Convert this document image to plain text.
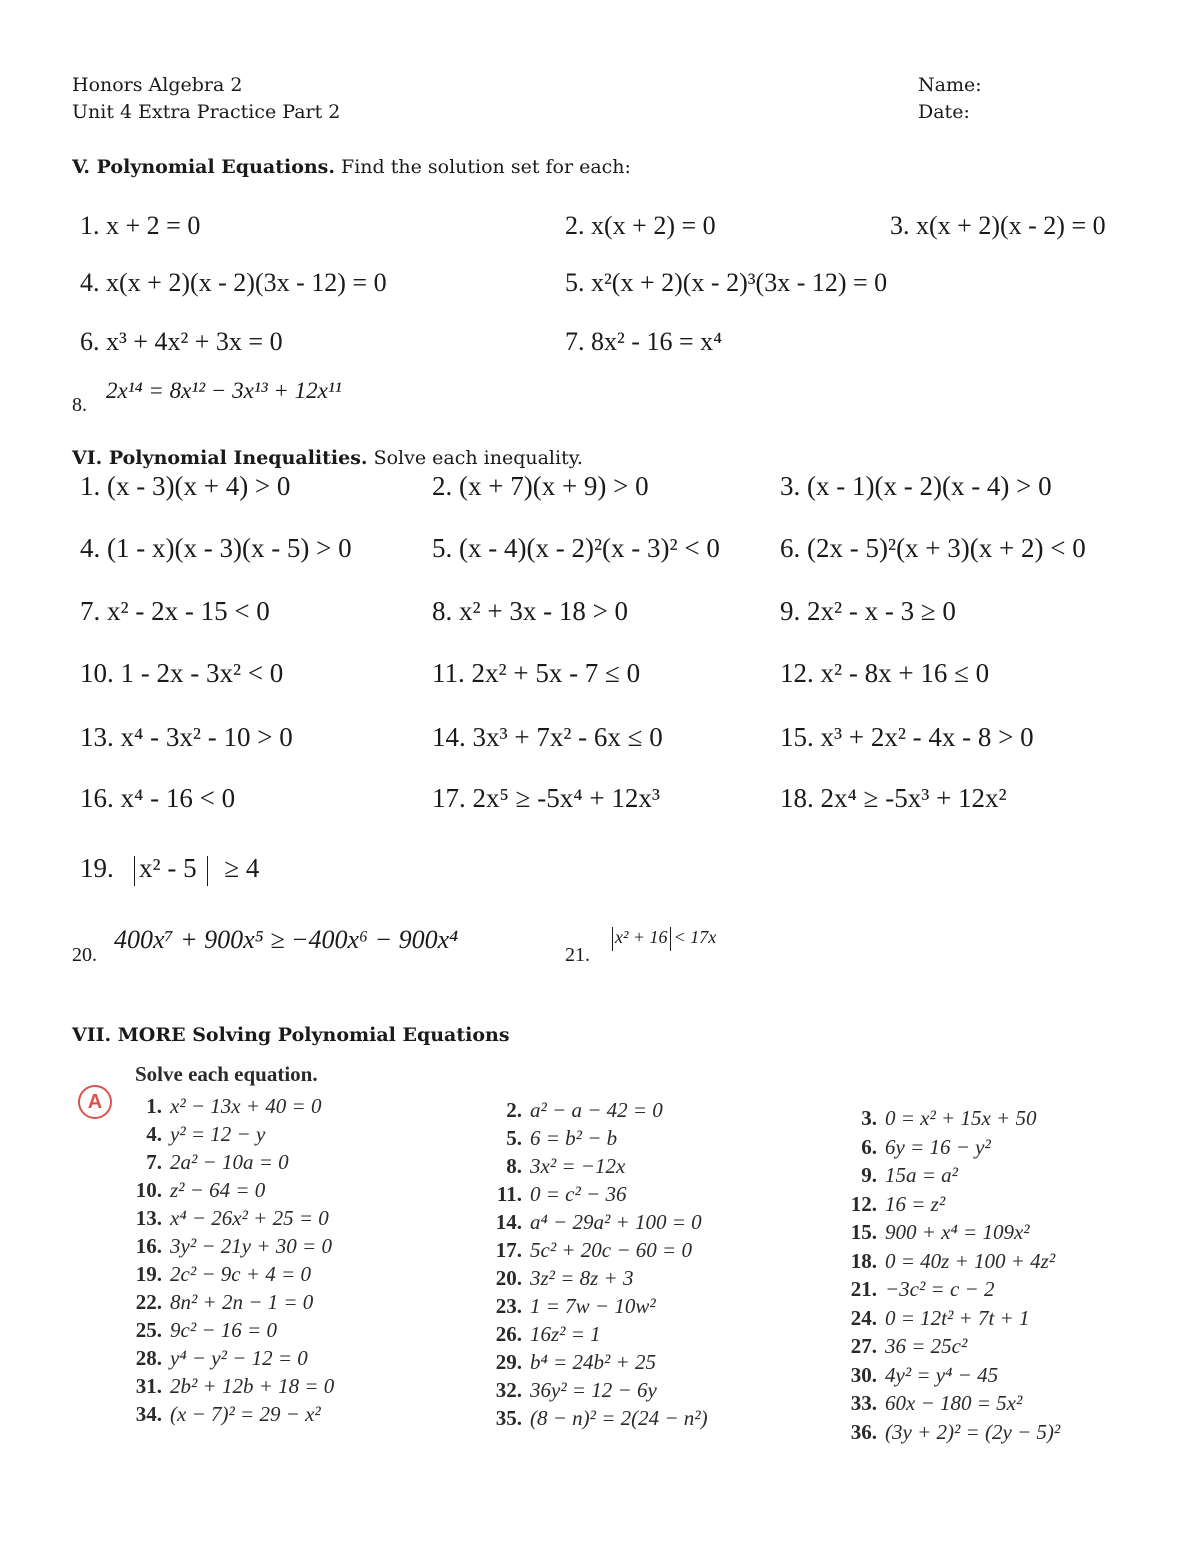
Honors Algebra 2
Unit 4 Extra Practice Part 2
Name:
Date:
V. Polynomial Equations. Find the solution set for each:
1. x + 2 = 0	2. x(x + 2) = 0	3. x(x + 2)(x - 2) = 0
4. x(x + 2)(x - 2)(3x - 12) = 0	5. x²(x + 2)(x - 2)³(3x - 12) = 0
6. x³ + 4x² + 3x = 0	7. 8x² - 16 = x⁴
8.
2x¹⁴ = 8x¹² − 3x¹³ + 12x¹¹
VI. Polynomial Inequalities. Solve each inequality.
1. (x - 3)(x + 4) > 0	2. (x + 7)(x + 9) > 0	3. (x - 1)(x - 2)(x - 4) > 0
4. (1 - x)(x - 3)(x - 5) > 0	5. (x - 4)(x - 2)²(x - 3)² < 0 6. (2x - 5)²(x + 3)(x + 2) < 0
7. x² - 2x - 15 < 0	8. x² + 3x - 18 > 0	9. 2x² - x - 3 ≥ 0
10. 1 - 2x - 3x² < 0	11. 2x² + 5x - 7 ≤ 0	12. x² - 8x + 16 ≤ 0
13. x⁴ - 3x² - 10 > 0	14. 3x³ + 7x² - 6x ≤ 0	15. x³ + 2x² - 4x - 8 > 0
16. x⁴ - 16 < 0	17. 2x⁵ ≥ -5x⁴ + 12x³	18. 2x⁴ ≥ -5x³ + 12x²
19. x² - 5 ≥ 4
20.
400x⁷ + 900x⁵ ≥ −400x⁶ − 900x⁴
21.
x² + 16 < 17x
VII. MORE Solving Polynomial Equations
Solve each equation.
A	1. x² − 13x + 40 = 0
4. y² = 12 − y
7. 2a² − 10a = 0
10. z² − 64 = 0
13. x⁴ − 26x² + 25 = 0
16. 3y² − 21y + 30 = 0
19. 2c² − 9c + 4 = 0
22. 8n² + 2n − 1 = 0
25. 9c² − 16 = 0
28. y⁴ − y² − 12 = 0
31. 2b² + 12b + 18 = 0
34. (x − 7)² = 29 − x²
2. a² − a − 42 = 0
5. 6 = b² − b
8. 3x² = −12x
11. 0 = c² − 36
14. a⁴ − 29a² + 100 = 0
17. 5c² + 20c − 60 = 0
20. 3z² = 8z + 3
23. 1 = 7w − 10w²
26. 16z² = 1
29. b⁴ = 24b² + 25
32. 36y² = 12 − 6y
35. (8 − n)² = 2(24 − n²)
3. 0 = x² + 15x + 50
6. 6y = 16 − y²
9. 15a = a²
12. 16 = z²
15. 900 + x⁴ = 109x²
18. 0 = 40z + 100 + 4z²
21. −3c² = c − 2
24. 0 = 12t² + 7t + 1
27. 36 = 25c²
30. 4y² = y⁴ − 45
33. 60x − 180 = 5x²
36. (3y + 2)² = (2y − 5)²
